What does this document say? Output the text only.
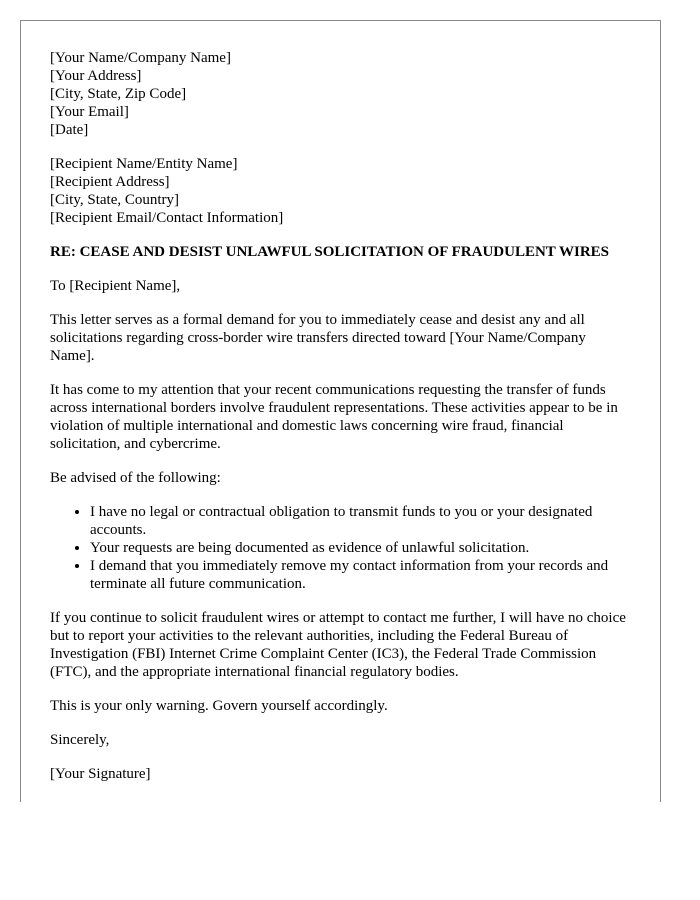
[Your Name/Company Name]
[Your Address]
[City, State, Zip Code]
[Your Email]
[Date]
[Recipient Name/Entity Name]
[Recipient Address]
[City, State, Country]
[Recipient Email/Contact Information]
RE: CEASE AND DESIST UNLAWFUL SOLICITATION OF FRAUDULENT WIRES

To [Recipient Name],

This letter serves as a formal demand for you to immediately cease and desist any and all solicitations regarding cross-border wire transfers directed toward [Your Name/Company Name].

It has come to my attention that your recent communications requesting the transfer of funds across international borders involve fraudulent representations. These activities appear to be in violation of multiple international and domestic laws concerning wire fraud, financial solicitation, and cybercrime.

Be advised of the following:

• I have no legal or contractual obligation to transmit funds to you or your designated accounts.
• Your requests are being documented as evidence of unlawful solicitation.
• I demand that you immediately remove my contact information from your records and terminate all future communication.

If you continue to solicit fraudulent wires or attempt to contact me further, I will have no choice but to report your activities to the relevant authorities, including the Federal Bureau of Investigation (FBI) Internet Crime Complaint Center (IC3), the Federal Trade Commission (FTC), and the appropriate international financial regulatory bodies.

This is your only warning. Govern yourself accordingly.

Sincerely,

[Your Signature]
